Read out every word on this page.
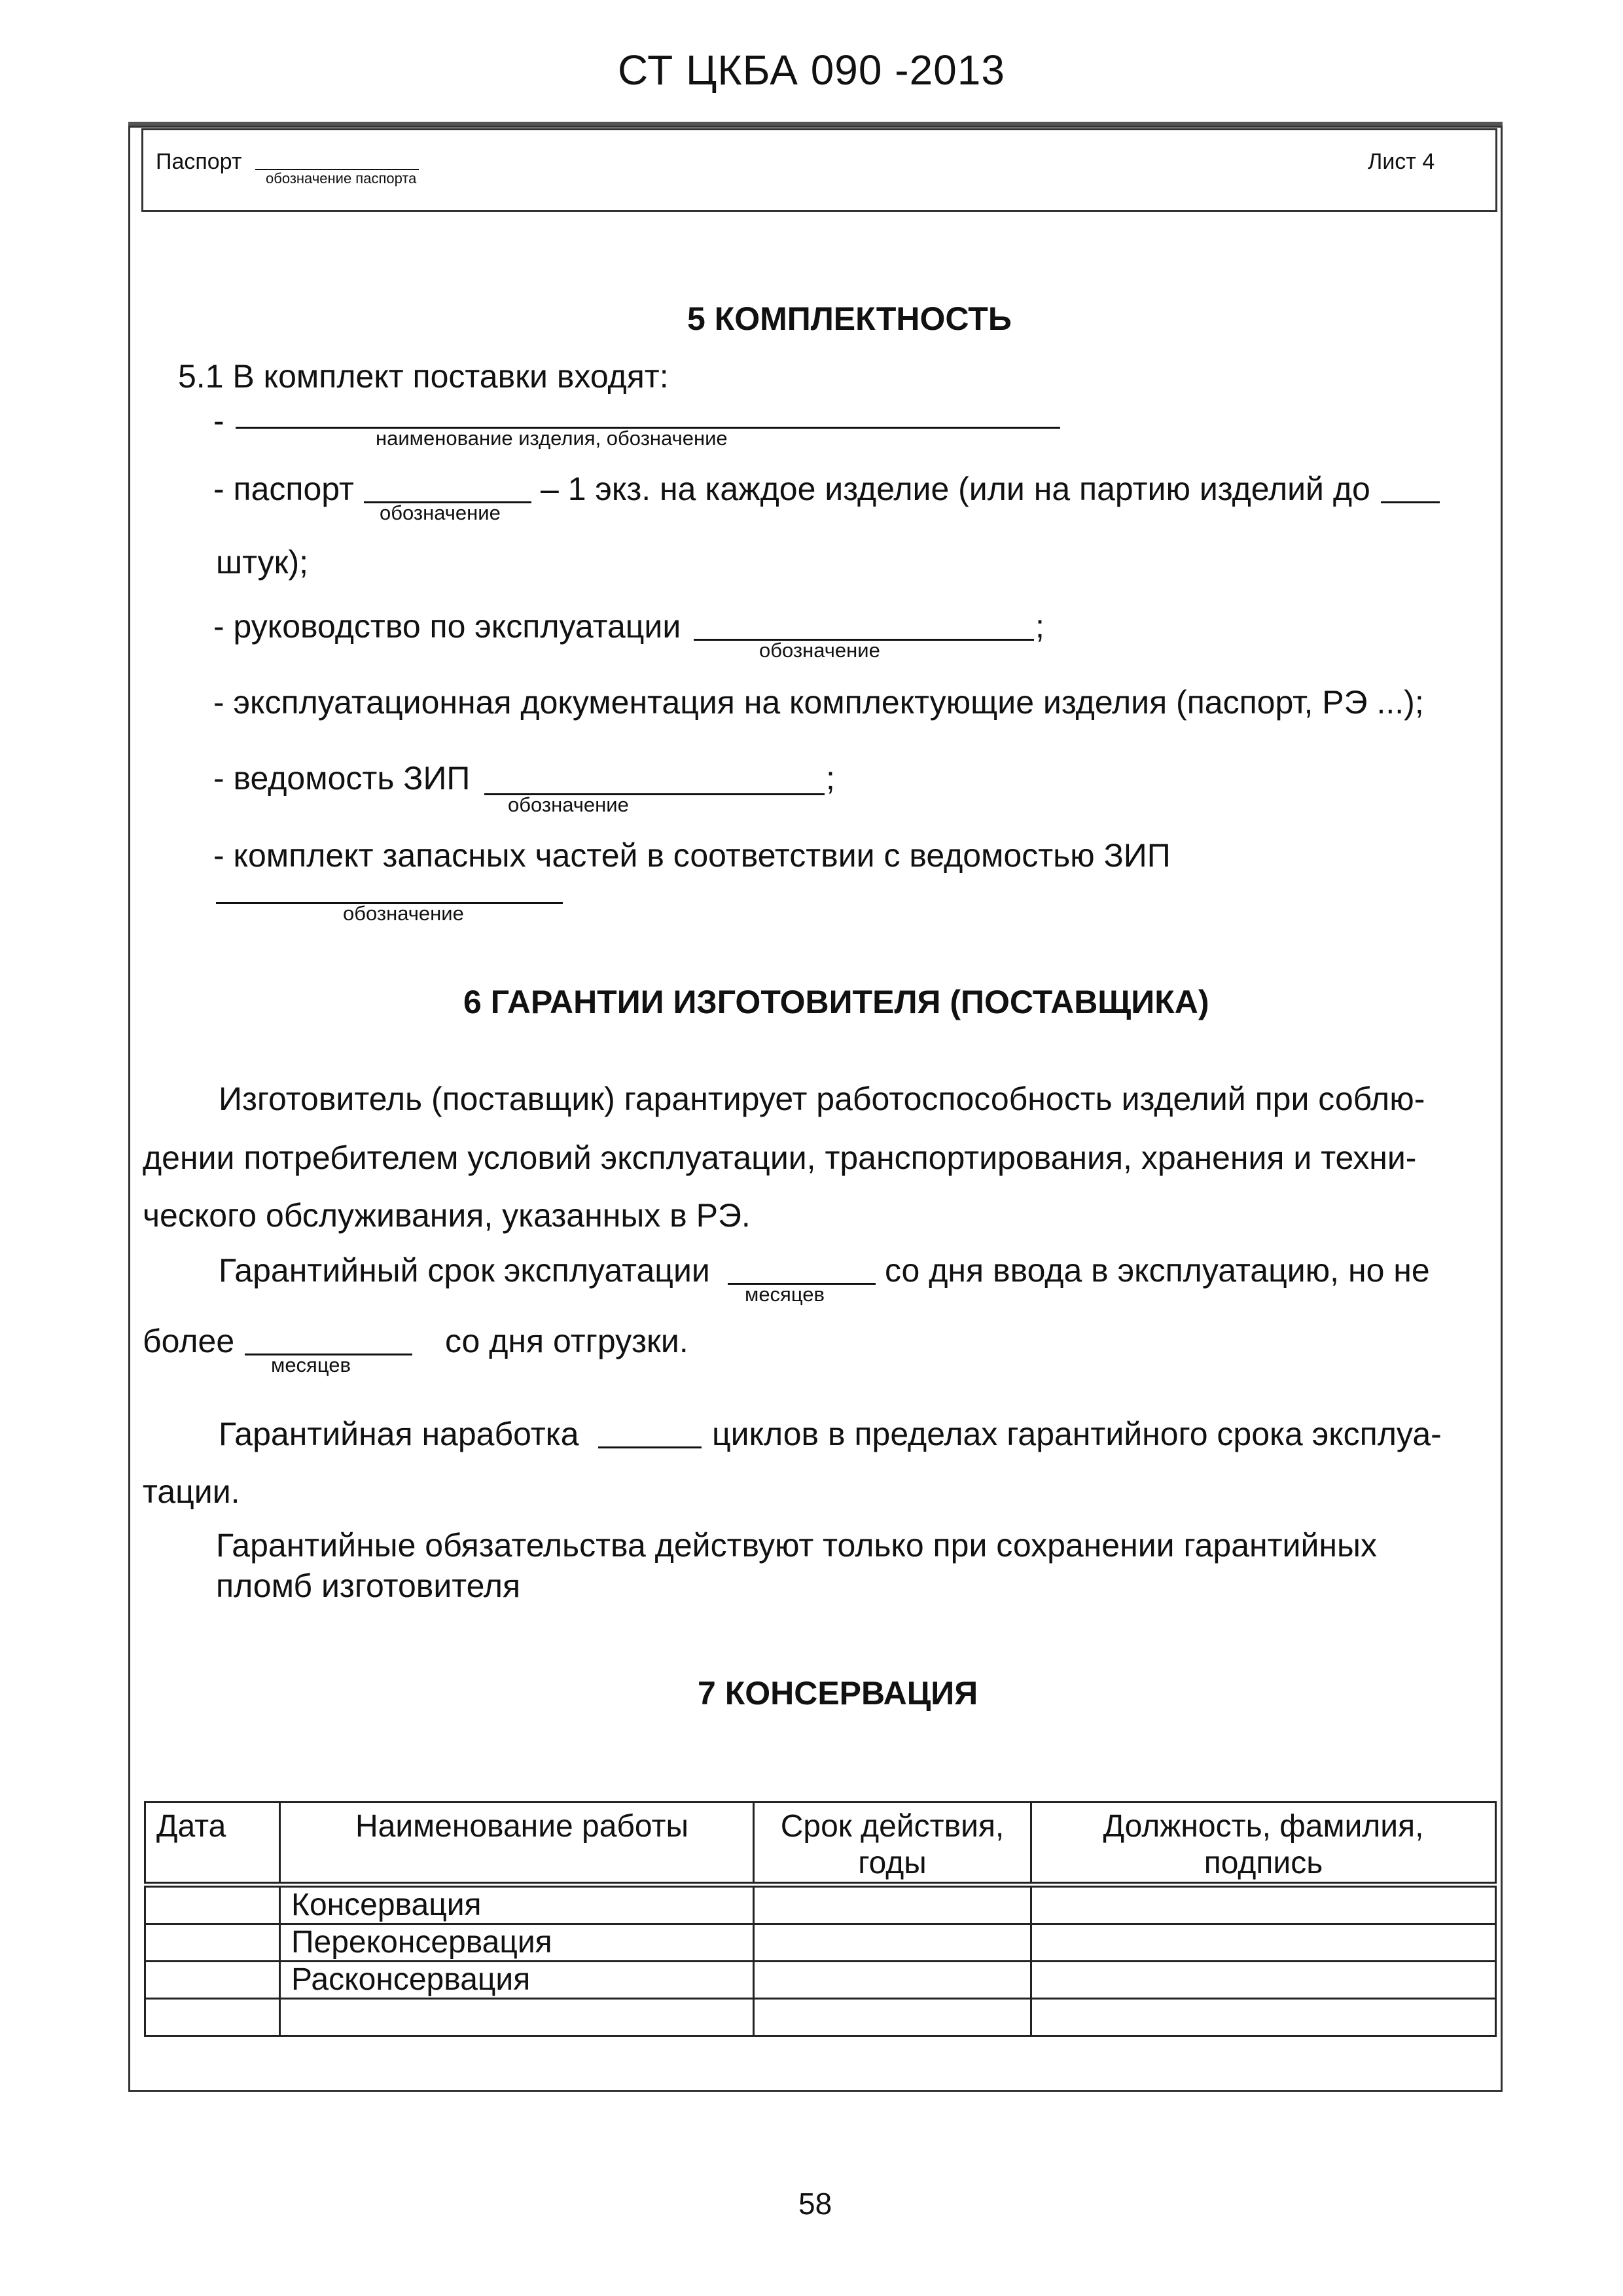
СТ ЦКБА 090 -2013
Паспорт
обозначение паспорта
Лист 4
5 КОМПЛЕКТНОСТЬ
5.1 В комплект поставки входят:
-	наименование изделия, обозначение
- паспорт
обозначение
– 1 экз. на каждое изделие (или на партию изделий до
штук);
- руководство по эксплуатации	;
обозначение
- эксплуатационная документация на комплектующие изделия (паспорт, РЭ ...);
- ведомость ЗИП	;
обозначение
- комплект запасных частей в соответствии с ведомостью ЗИП
обозначение
6 ГАРАНТИИ ИЗГОТОВИТЕЛЯ (ПОСТАВЩИКА)
Изготовитель (поставщик) гарантирует работоспособность изделий при соблю-
дении потребителем условий эксплуатации, транспортирования, хранения и техни-
ческого обслуживания, указанных в РЭ.
Гарантийный срок эксплуатации
месяцев
со дня ввода в эксплуатацию, но не
более
месяцев
со дня отгрузки.
Гарантийная наработка	циклов в пределах гарантийного срока эксплуа-
тации.
Гарантийные обязательства действуют только при сохранении гарантийных
пломб изготовителя
7 КОНСЕРВАЦИЯ
Дата	Наименование работы	Срок действия, годы	Должность, фамилия, подпись
	Консервация		
	Переконсервация		
	Расконсервация		

58
